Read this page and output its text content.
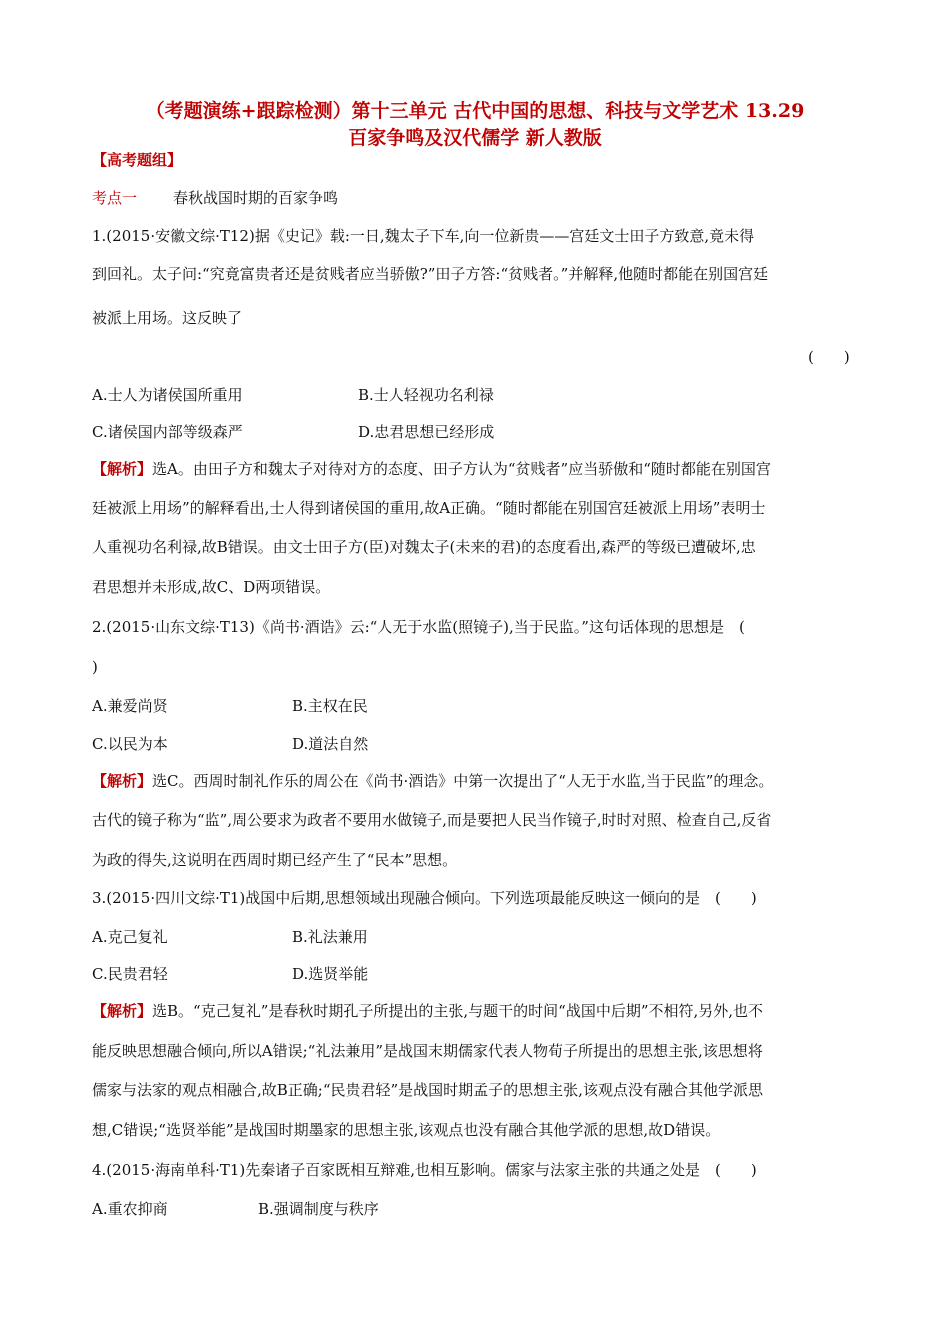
（考题演练+跟踪检测）第十三单元 古代中国的思想、科技与文学艺术 13.29

百家争鸣及汉代儒学 新人教版

【高考题组】

考点一 春秋战国时期的百家争鸣

1.(2015·安徽文综·T12)据《史记》载:一日,魏太子下车,向一位新贵——宫廷文士田子方致意,竟未得

到回礼。太子问:“究竟富贵者还是贫贱者应当骄傲?”田子方答:“贫贱者。”并解释,他随时都能在别国宫廷

被派上用场。这反映了

(　　)
A.士人为诸侯国所重用	B.士人轻视功名利禄
C.诸侯国内部等级森严	D.忠君思想已经形成

【解析】选A。由田子方和魏太子对待对方的态度、田子方认为“贫贱者”应当骄傲和“随时都能在别国宫

廷被派上用场”的解释看出,士人得到诸侯国的重用,故A正确。“随时都能在别国宫廷被派上用场”表明士

人重视功名利禄,故B错误。由文士田子方(臣)对魏太子(未来的君)的态度看出,森严的等级已遭破坏,忠

君思想并未形成,故C、D两项错误。

2.(2015·山东文综·T13)《尚书·酒诰》云:“人无于水监(照镜子),当于民监。”这句话体现的思想是　(

)

A.兼爱尚贤	B.主权在民
C.以民为本	D.道法自然

【解析】选C。西周时制礼作乐的周公在《尚书·酒诰》中第一次提出了“人无于水监,当于民监”的理念。

古代的镜子称为“监”,周公要求为政者不要用水做镜子,而是要把人民当作镜子,时时对照、检查自己,反省

为政的得失,这说明在西周时期已经产生了“民本”思想。

3.(2015·四川文综·T1)战国中后期,思想领域出现融合倾向。下列选项最能反映这一倾向的是　(　　)

A.克己复礼	B.礼法兼用
C.民贵君轻	D.选贤举能

【解析】选B。“克己复礼”是春秋时期孔子所提出的主张,与题干的时间“战国中后期”不相符,另外,也不

能反映思想融合倾向,所以A错误;“礼法兼用”是战国末期儒家代表人物荀子所提出的思想主张,该思想将

儒家与法家的观点相融合,故B正确;“民贵君轻”是战国时期孟子的思想主张,该观点没有融合其他学派思

想,C错误;“选贤举能”是战国时期墨家的思想主张,该观点也没有融合其他学派的思想,故D错误。

4.(2015·海南单科·T1)先秦诸子百家既相互辩难,也相互影响。儒家与法家主张的共通之处是　(　　)

A.重农抑商	B.强调制度与秩序
